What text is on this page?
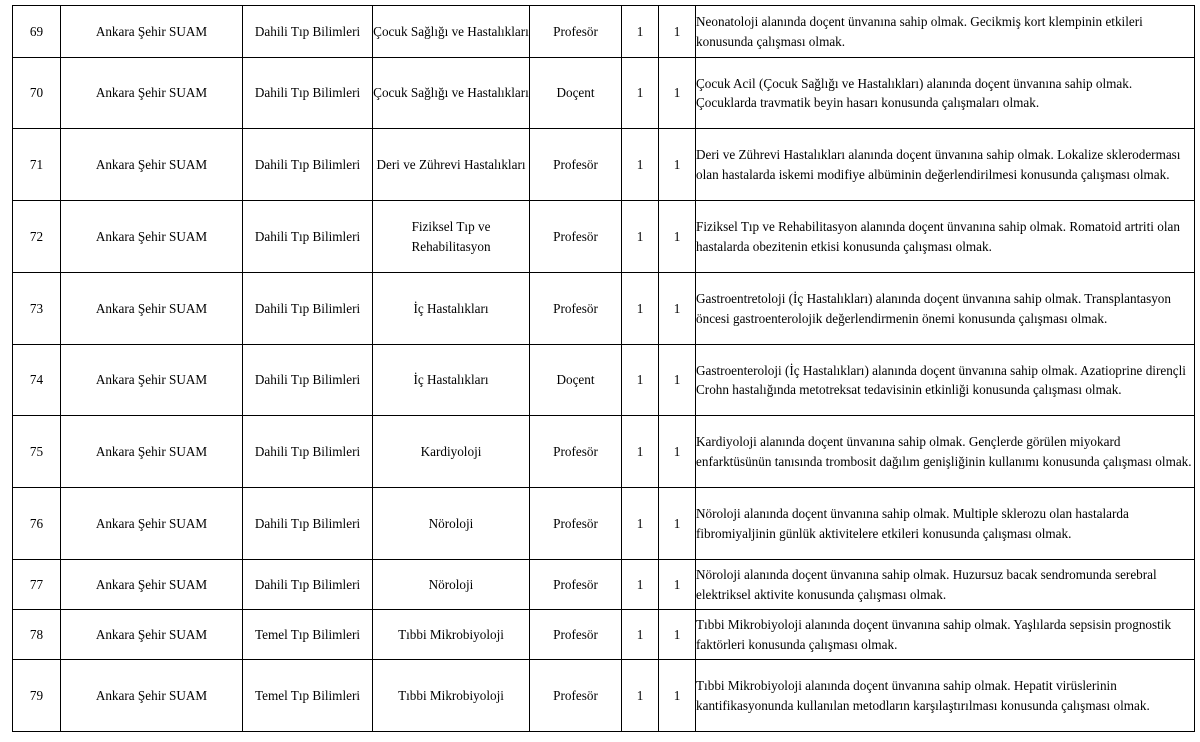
69	Ankara Şehir SUAM	Dahili Tıp Bilimleri	Çocuk Sağlığı ve Hastalıkları	Profesör	1	1	Neonatoloji alanında doçent ünvanına sahip olmak. Gecikmiş kort klempinin etkileri konusunda çalışması olmak.
70	Ankara Şehir SUAM	Dahili Tıp Bilimleri	Çocuk Sağlığı ve Hastalıkları	Doçent	1	1	Çocuk Acil (Çocuk Sağlığı ve Hastalıkları) alanında doçent ünvanına sahip olmak. Çocuklarda travmatik beyin hasarı konusunda çalışmaları olmak.
71	Ankara Şehir SUAM	Dahili Tıp Bilimleri	Deri ve Zührevi Hastalıkları	Profesör	1	1	Deri ve Zührevi Hastalıkları alanında doçent ünvanına sahip olmak. Lokalize skleroderması olan hastalarda iskemi modifiye albüminin değerlendirilmesi konusunda çalışması olmak.
72	Ankara Şehir SUAM	Dahili Tıp Bilimleri	Fiziksel Tıp ve Rehabilitasyon	Profesör	1	1	Fiziksel Tıp ve Rehabilitasyon alanında doçent ünvanına sahip olmak. Romatoid artriti olan hastalarda obezitenin etkisi konusunda çalışması olmak.
73	Ankara Şehir SUAM	Dahili Tıp Bilimleri	İç Hastalıkları	Profesör	1	1	Gastroentretoloji (İç Hastalıkları) alanında doçent ünvanına sahip olmak. Transplantasyon öncesi gastroenterolojik değerlendirmenin önemi konusunda çalışması olmak.
74	Ankara Şehir SUAM	Dahili Tıp Bilimleri	İç Hastalıkları	Doçent	1	1	Gastroenteroloji (İç Hastalıkları) alanında doçent ünvanına sahip olmak. Azatioprine dirençli Crohn hastalığında metotreksat tedavisinin etkinliği konusunda çalışması olmak.
75	Ankara Şehir SUAM	Dahili Tıp Bilimleri	Kardiyoloji	Profesör	1	1	Kardiyoloji alanında doçent ünvanına sahip olmak. Gençlerde görülen miyokard enfarktüsünün tanısında trombosit dağılım genişliğinin kullanımı konusunda çalışması olmak.
76	Ankara Şehir SUAM	Dahili Tıp Bilimleri	Nöroloji	Profesör	1	1	Nöroloji alanında doçent ünvanına sahip olmak. Multiple sklerozu olan hastalarda fibromiyaljinin günlük aktivitelere etkileri konusunda çalışması olmak.
77	Ankara Şehir SUAM	Dahili Tıp Bilimleri	Nöroloji	Profesör	1	1	Nöroloji alanında doçent ünvanına sahip olmak. Huzursuz bacak sendromunda serebral elektriksel aktivite konusunda çalışması olmak.
78	Ankara Şehir SUAM	Temel Tıp Bilimleri	Tıbbi Mikrobiyoloji	Profesör	1	1	Tıbbi Mikrobiyoloji alanında doçent ünvanına sahip olmak. Yaşlılarda sepsisin prognostik faktörleri konusunda çalışması olmak.
79	Ankara Şehir SUAM	Temel Tıp Bilimleri	Tıbbi Mikrobiyoloji	Profesör	1	1	Tıbbi Mikrobiyoloji alanında doçent ünvanına sahip olmak. Hepatit virüslerinin kantifikasyonunda kullanılan metodların karşılaştırılması konusunda çalışması olmak.
